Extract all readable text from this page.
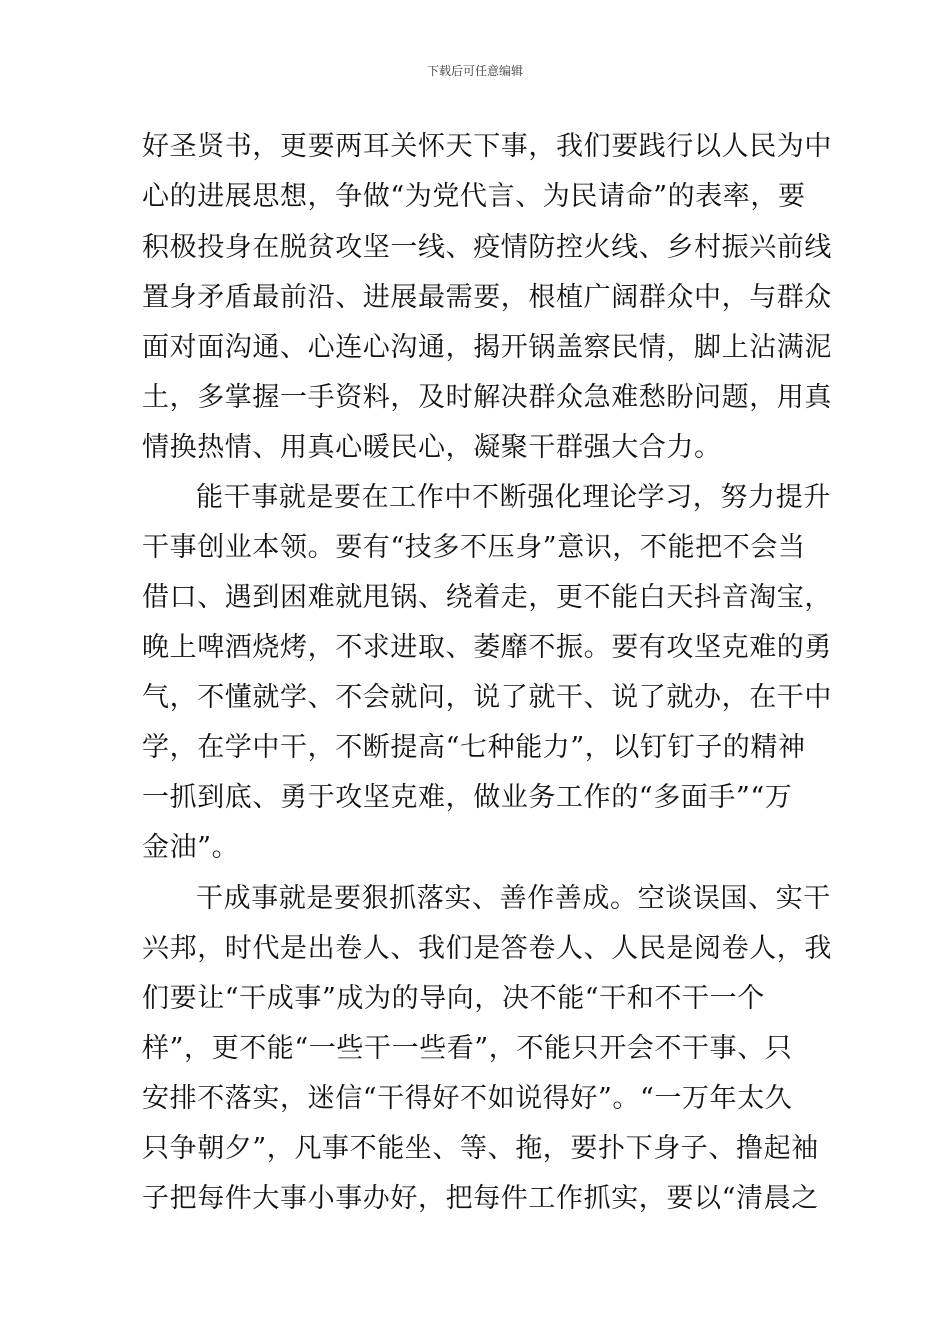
下载后可任意编辑

好圣贤书，更要两耳关怀天下事，我们要践行以人民为中

心的进展思想，争做“为党代言、为民请命”的表率，要

积极投身在脱贫攻坚一线、疫情防控火线、乡村振兴前线

置身矛盾最前沿、进展最需要，根植广阔群众中，与群众

面对面沟通、心连心沟通，揭开锅盖察民情，脚上沾满泥

土，多掌握一手资料，及时解决群众急难愁盼问题，用真

情换热情、用真心暖民心，凝聚干群强大合力。

能干事就是要在工作中不断强化理论学习，努力提升

干事创业本领。要有“技多不压身”意识，不能把不会当

借口、遇到困难就甩锅、绕着走，更不能白天抖音淘宝，

晚上啤酒烧烤，不求进取、萎靡不振。要有攻坚克难的勇

气，不懂就学、不会就问，说了就干、说了就办，在干中

学，在学中干，不断提高“七种能力”，以钉钉子的精神

一抓到底、勇于攻坚克难，做业务工作的“多面手”“万

金油”。

干成事就是要狠抓落实、善作善成。空谈误国、实干

兴邦，时代是出卷人、我们是答卷人、人民是阅卷人，我

们要让“干成事”成为的导向，决不能“干和不干一个

样”，更不能“一些干一些看”，不能只开会不干事、只

安排不落实，迷信“干得好不如说得好”。“一万年太久

只争朝夕”，凡事不能坐、等、拖，要扑下身子、撸起袖

子把每件大事小事办好，把每件工作抓实，要以“清晨之
